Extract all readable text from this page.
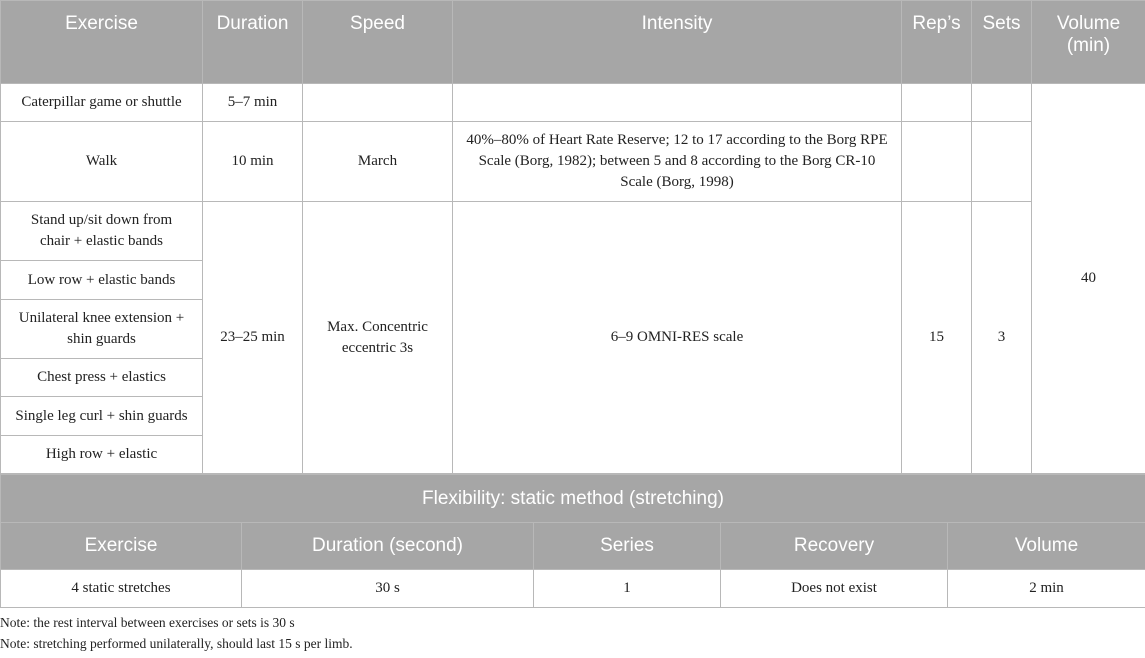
Exercise	Duration	Speed	Intensity	Rep’s	Sets	Volume (min)
Caterpillar game or shuttle	5–7 min					40
Walk	10 min	March	40%–80% of Heart Rate Reserve; 12 to 17 according to the Borg RPE Scale (Borg, 1982); between 5 and 8 according to the Borg CR-10 Scale (Borg, 1998)			
Stand up/sit down from chair + elastic bands	23–25 min	Max. Concentric eccentric 3s	6–9 OMNI-RES scale	15	3	
Low row + elastic bands						
Unilateral knee extension + shin guards						
Chest press + elastics						
Single leg curl + shin guards						
High row + elastic						
Flexibility: static method (stretching)				
Exercise	Duration (second)	Series	Recovery	Volume
4 static stretches	30 s	1	Does not exist	2 min
Note: the rest interval between exercises or sets is 30 s
Note: stretching performed unilaterally, should last 15 s per limb.
